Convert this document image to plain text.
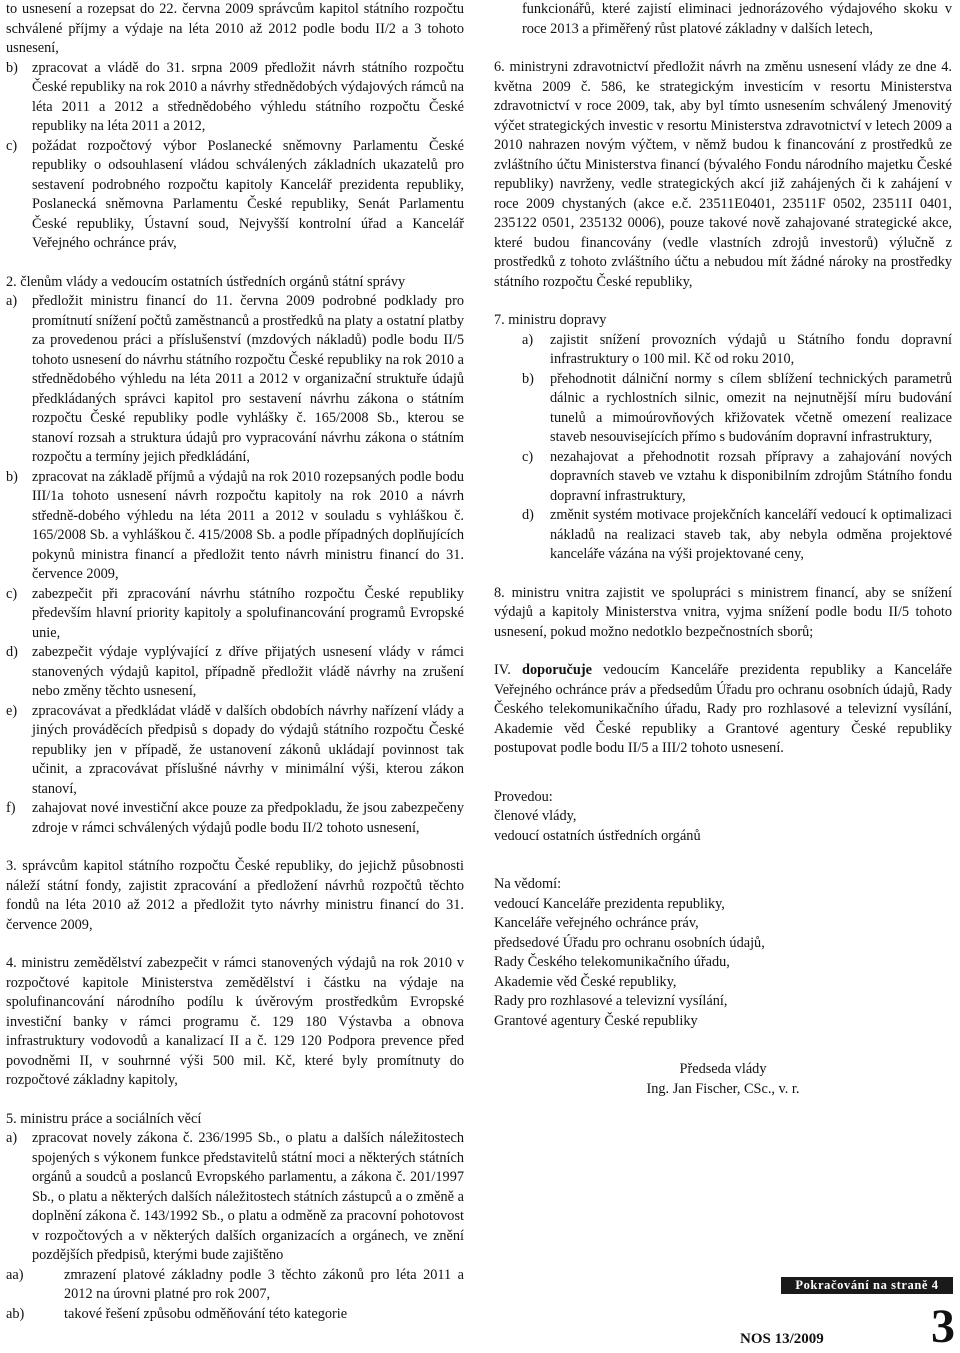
to usnesení a rozepsat do 22. června 2009 správcům kapitol státního rozpočtu schválené příjmy a výdaje na léta 2010 až 2012 podle bodu II/2 a 3 tohoto usnesení,

b) zpracovat a vládě do 31. srpna 2009 předložit návrh státního rozpočtu České republiky na rok 2010 a návrhy střednědobých výdajových rámců na léta 2011 a 2012 a střednědobého výhledu státního rozpočtu České republiky na léta 2011 a 2012,
c) požádat rozpočtový výbor Poslanecké sněmovny Parlamentu České republiky o odsouhlasení vládou schválených základních ukazatelů pro sestavení podrobného rozpočtu kapitoly Kancelář prezidenta republiky, Poslanecká sněmovna Parlamentu České republiky, Senát Parlamentu České republiky, Ústavní soud, Nejvyšší kontrolní úřad a Kancelář Veřejného ochránce práv,

2. členům vlády a vedoucím ostatních ústředních orgánů státní správy

a) předložit ministru financí do 11. června 2009 podrobné podklady pro promítnutí snížení počtů zaměstnanců a prostředků na platy a ostatní platby za provedenou práci a příslušenství (mzdových nákladů) podle bodu II/5 tohoto usnesení do návrhu státního rozpočtu České republiky na rok 2010 a střednědobého výhledu na léta 2011 a 2012 v organizační struktuře údajů předkládaných správci kapitol pro sestavení návrhu zákona o státním rozpočtu České republiky podle vyhlášky č. 165/2008 Sb., kterou se stanoví rozsah a struktura údajů pro vypracování návrhu zákona o státním rozpočtu a termíny jejich předkládání,
b) zpracovat na základě příjmů a výdajů na rok 2010 rozepsaných podle bodu III/1a tohoto usnesení návrh rozpočtu kapitoly na rok 2010 a návrh středně-dobého výhledu na léta 2011 a 2012 v souladu s vyhláškou č. 165/2008 Sb. a vyhláškou č. 415/2008 Sb. a podle případných doplňujících pokynů ministra financí a předložit tento návrh ministru financí do 31. července 2009,
c) zabezpečit při zpracování návrhu státního rozpočtu České republiky především hlavní priority kapitoly a spolufinancování programů Evropské unie,
d) zabezpečit výdaje vyplývající z dříve přijatých usnesení vlády v rámci stanovených výdajů kapitol, případně předložit vládě návrhy na zrušení nebo změny těchto usnesení,
e) zpracovávat a předkládat vládě v dalších obdobích návrhy nařízení vlády a jiných prováděcích předpisů s dopady do výdajů státního rozpočtu České republiky jen v případě, že ustanovení zákonů ukládají povinnost tak učinit, a zpracovávat příslušné návrhy v minimální výši, kterou zákon stanoví,
f) zahajovat nové investiční akce pouze za předpokladu, že jsou zabezpečeny zdroje v rámci schválených výdajů podle bodu II/2 tohoto usnesení,

3. správcům kapitol státního rozpočtu České republiky, do jejichž působnosti náleží státní fondy, zajistit zpracování a předložení návrhů rozpočtů těchto fondů na léta 2010 až 2012 a předložit tyto návrhy ministru financí do 31. července 2009,

4. ministru zemědělství zabezpečit v rámci stanovených výdajů na rok 2010 v rozpočtové kapitole Ministerstva zemědělství i částku na výdaje na spolufinancování národního podílu k úvěrovým prostředkům Evropské investiční banky v rámci programu č. 129 180 Výstavba a obnova infrastruktury vodovodů a kanalizací II a č. 129 120 Podpora prevence před povodněmi II, v souhrnné výši 500 mil. Kč, které byly promítnuty do rozpočtové základny kapitoly,

5. ministru práce a sociálních věcí

a) zpracovat novely zákona č. 236/1995 Sb., o platu a dalších náležitostech spojených s výkonem funkce představitelů státní moci a některých státních orgánů a soudců a poslanců Evropského parlamentu, a zákona č. 201/1997 Sb., o platu a některých dalších náležitostech státních zástupců a o změně a doplnění zákona č. 143/1992 Sb., o platu a odměně za pracovní pohotovost v rozpočtových a v některých dalších organizacích a orgánech, ve znění pozdějších předpisů, kterými bude zajištěno
aa)	zmrazení platové základny podle 3 těchto zákonů pro léta 2011 a 2012 na úrovni platné pro rok 2007,
ab)	takové řešení způsobu odměňování této kategorie
funkcionářů, které zajistí eliminaci jednorázového výdajového skoku v roce 2013 a přiměřený růst platové základny v dalších letech,

6. ministryni zdravotnictví předložit návrh na změnu usnesení vlády ze dne 4. května 2009 č. 586, ke strategickým investicím v resortu Ministerstva zdravotnictví v roce 2009, tak, aby byl tímto usnesením schválený Jmenovitý výčet strategických investic v resortu Ministerstva zdravotnictví v letech 2009 a 2010 nahrazen novým výčtem, v němž budou k financování z prostředků ze zvláštního účtu Ministerstva financí (bývalého Fondu národního majetku České republiky) navrženy, vedle strategických akcí již zahájených či k zahájení v roce 2009 chystaných (akce e.č. 23511E0401, 23511F 0502, 23511I 0401, 235122 0501, 235132 0006), pouze takové nově zahajované strategické akce, které budou financovány (vedle vlastních zdrojů investorů) výlučně z prostředků z tohoto zvláštního účtu a nebudou mít žádné nároky na prostředky státního rozpočtu České republiky,

7. ministru dopravy

a) zajistit snížení provozních výdajů u Státního fondu dopravní infrastruktury o 100 mil. Kč od roku 2010,
b) přehodnotit dálniční normy s cílem sblížení technických parametrů dálnic a rychlostních silnic, omezit na nejnutnější míru budování tunelů a mimoúrovňových křižovatek včetně omezení realizace staveb nesouvisejících přímo s budováním dopravní infrastruktury,
c) nezahajovat a přehodnotit rozsah přípravy a zahajování nových dopravních staveb ve vztahu k disponibilním zdrojům Státního fondu dopravní infrastruktury,
d) změnit systém motivace projekčních kanceláří vedoucí k optimalizaci nákladů na realizaci staveb tak, aby nebyla odměna projektové kanceláře vázána na výši projektované ceny,

8. ministru vnitra zajistit ve spolupráci s ministrem financí, aby se snížení výdajů a kapitoly Ministerstva vnitra, vyjma snížení podle bodu II/5 tohoto usnesení, pokud možno nedotklo bezpečnostních sborů;

IV. doporučuje vedoucím Kanceláře prezidenta republiky a Kanceláře Veřejného ochránce práv a předsedům Úřadu pro ochranu osobních údajů, Rady Českého telekomunikačního úřadu, Rady pro rozhlasové a televizní vysílání, Akademie věd České republiky a Grantové agentury České republiky postupovat podle bodu II/5 a III/2 tohoto usnesení.

Provedou:
členové vlády,
vedoucí ostatních ústředních orgánů
Na vědomí:
vedoucí Kanceláře prezidenta republiky,
Kanceláře veřejného ochránce práv,
předsedové Úřadu pro ochranu osobních údajů,
Rady Českého telekomunikačního úřadu,
Akademie věd České republiky,
Rady pro rozhlasové a televizní vysílání,
Grantové agentury České republiky
Předseda vlády
Ing. Jan Fischer, CSc., v. r.
Pokračování na straně 4
NOS 13/2009 3
